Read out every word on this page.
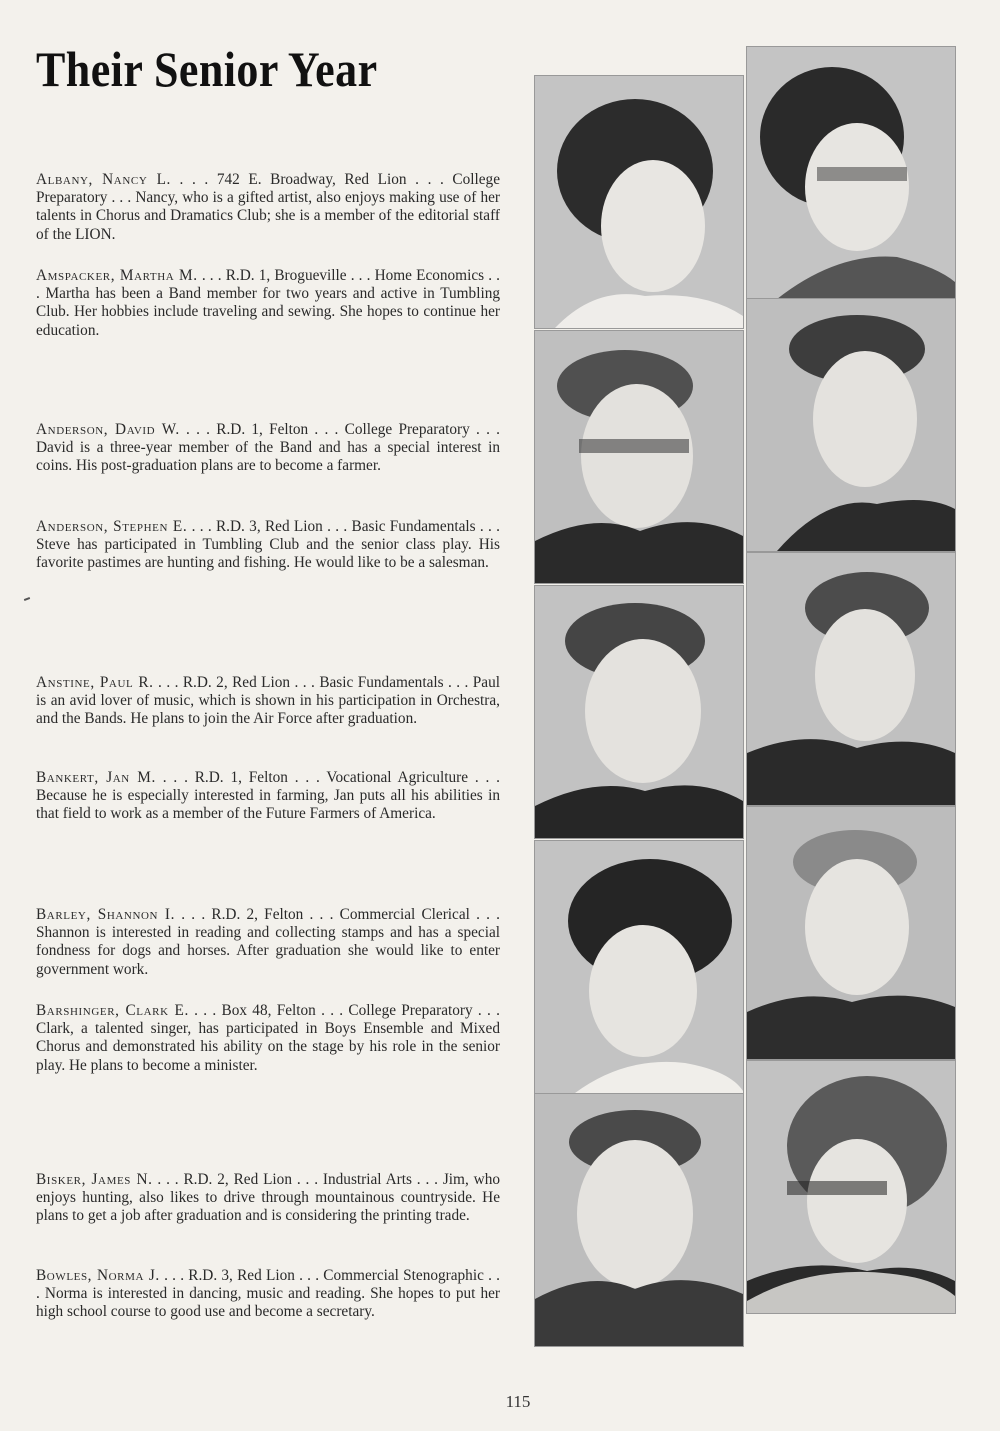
Their Senior Year
Albany, Nancy L. . . . 742 E. Broadway, Red Lion . . . College Preparatory . . . Nancy, who is a gifted artist, also enjoys making use of her talents in Chorus and Dramatics Club; she is a member of the editorial staff of the LION.
Amspacker, Martha M. . . . R.D. 1, Brogueville . . . Home Economics . . . Martha has been a Band member for two years and active in Tumbling Club. Her hobbies include traveling and sewing. She hopes to continue her education.
Anderson, David W. . . . R.D. 1, Felton . . . College Preparatory . . . David is a three-year member of the Band and has a special interest in coins. His post-graduation plans are to become a farmer.
Anderson, Stephen E. . . . R.D. 3, Red Lion . . . Basic Fundamentals . . . Steve has participated in Tumbling Club and the senior class play. His favorite pastimes are hunting and fishing. He would like to be a salesman.
Anstine, Paul R. . . . R.D. 2, Red Lion . . . Basic Fundamentals . . . Paul is an avid lover of music, which is shown in his participation in Orchestra, and the Bands. He plans to join the Air Force after graduation.
Bankert, Jan M. . . . R.D. 1, Felton . . . Vocational Agriculture . . . Because he is especially interested in farming, Jan puts all his abilities in that field to work as a member of the Future Farmers of America.
Barley, Shannon I. . . . R.D. 2, Felton . . . Commercial Clerical . . . Shannon is interested in reading and collecting stamps and has a special fondness for dogs and horses. After graduation she would like to enter government work.
Barshinger, Clark E. . . . Box 48, Felton . . . College Preparatory . . . Clark, a talented singer, has participated in Boys Ensemble and Mixed Chorus and demonstrated his ability on the stage by his role in the senior play. He plans to become a minister.
Bisker, James N. . . . R.D. 2, Red Lion . . . Industrial Arts . . . Jim, who enjoys hunting, also likes to drive through mountainous countryside. He plans to get a job after graduation and is considering the printing trade.
Bowles, Norma J. . . . R.D. 3, Red Lion . . . Commercial Stenographic . . . Norma is interested in dancing, music and reading. She hopes to put her high school course to good use and become a secretary.
115
